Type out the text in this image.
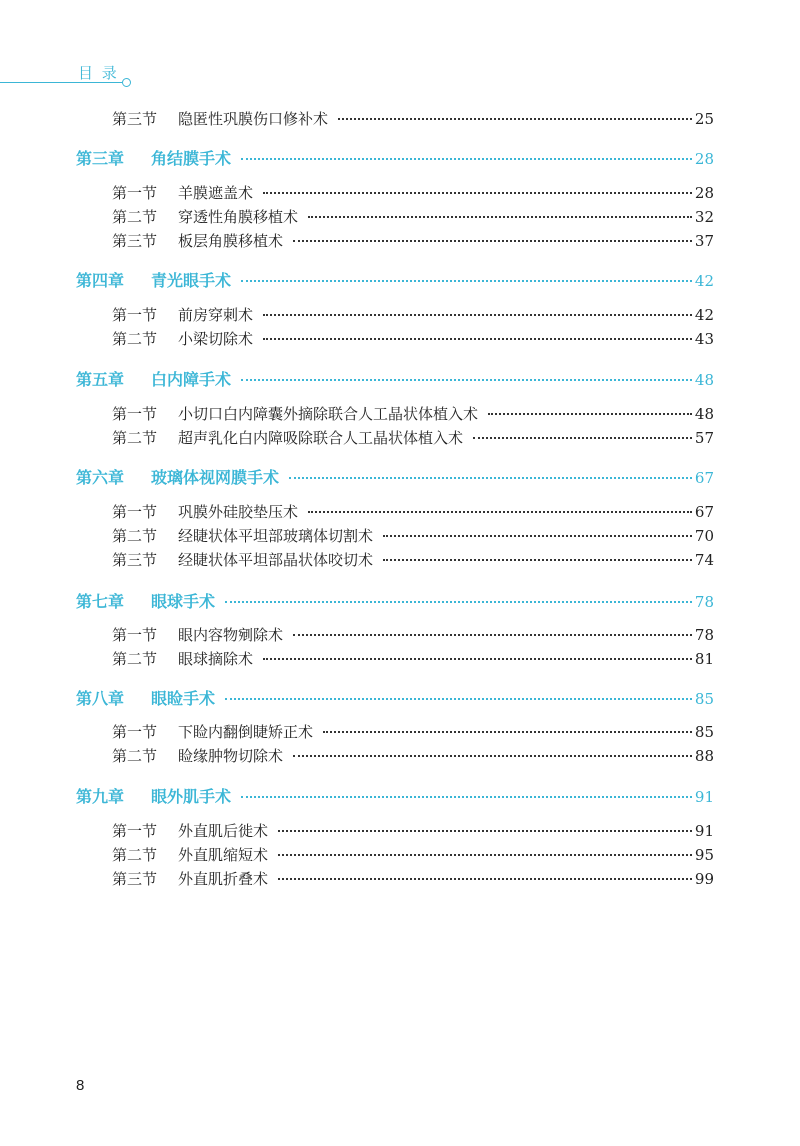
目 录
第三节	隐匿性巩膜伤口修补术	25
第三章	角结膜手术	28
第一节	羊膜遮盖术	28
第二节	穿透性角膜移植术	32
第三节	板层角膜移植术	37
第四章	青光眼手术	42
第一节	前房穿刺术	42
第二节	小梁切除术	43
第五章	白内障手术	48
第一节	小切口白内障囊外摘除联合人工晶状体植入术	48
第二节	超声乳化白内障吸除联合人工晶状体植入术	57
第六章	玻璃体视网膜手术	67
第一节	巩膜外硅胶垫压术	67
第二节	经睫状体平坦部玻璃体切割术	70
第三节	经睫状体平坦部晶状体咬切术	74
第七章	眼球手术	78
第一节	眼内容物剜除术	78
第二节	眼球摘除术	81
第八章	眼睑手术	85
第一节	下睑内翻倒睫矫正术	85
第二节	睑缘肿物切除术	88
第九章	眼外肌手术	91
第一节	外直肌后徙术	91
第二节	外直肌缩短术	95
第三节	外直肌折叠术	99
8
